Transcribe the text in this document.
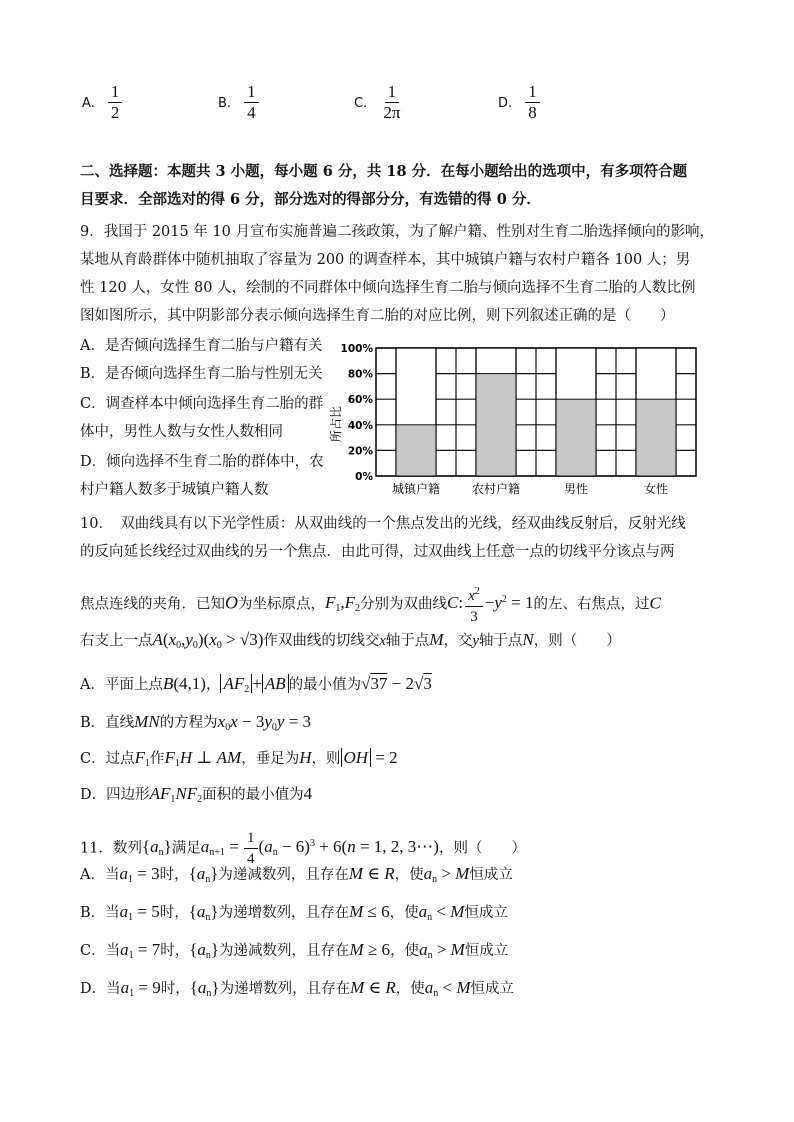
A. $\frac{1}{2}$	B. $\frac{1}{4}$	C. $\frac{1}{2\pi}$	D. $\frac{1}{8}$
二、选择题：本题共 3 小题，每小题 6 分，共 18 分．在每小题给出的选项中，有多项符合题
目要求．全部选对的得 6 分，部分选对的得部分分，有选错的得 0 分．
9．我国于 2015 年 10 月宣布实施普遍二孩政策，为了解户籍、性别对生育二胎选择倾向的影响，
某地从育龄群体中随机抽取了容量为 200 的调查样本，其中城镇户籍与农村户籍各 100 人；男
性 120 人，女性 80 人，绘制的不同群体中倾向选择生育二胎与倾向选择不生育二胎的人数比例
图如图所示，其中阴影部分表示倾向选择生育二胎的对应比例，则下列叙述正确的是（　　）
A．是否倾向选择生育二胎与户籍有关
B．是否倾向选择生育二胎与性别无关
C．调查样本中倾向选择生育二胎的群
体中，男性人数与女性人数相同
D．倾向选择不生育二胎的群体中，农
村户籍人数多于城镇户籍人数
所占比
0%
20%
40%
60%
80%
100%
城镇户籍	农村户籍	男性	女性
10．　双曲线具有以下光学性质：从双曲线的一个焦点发出的光线，经双曲线反射后，反射光线
的反向延长线经过双曲线的另一个焦点．由此可得，过双曲线上任意一点的切线平分该点与两
焦点连线的夹角．已知O为坐标原点，$F_1,F_2$分别为双曲线C: $\frac{x^2}{3} -y^2 = 1$的左、右焦点，过C
右支上一点$A(x_0,y_0)(x_0 > √3)$作双曲线的切线交x轴于点M，交y轴于点N，则（　　）
A．平面上点B(4,1)， $AF_2$ + AB 的最小值为√37 − 2√3
B．直线MN的方程为$x_0x - 3y_0y = 3$
C．过点$F_1$作$F_1H$ ⊥ AM，垂足为H，则 OH = 2
D．四边形$AF_1NF_2$面积的最小值为4
11．数列$\{a_n\}$满足$a_{n+1} = \frac{1}{4} (a_n - 6)^3 + 6(n = 1$, 2, 3⋯)，则（　　）
A．当$a_1 = 3$时，$\{a_n\}$为递减数列，且存在M ∈ R，使$a_n > M$恒成立
B．当$a_1 = 5$时，$\{a_n\}$为递增数列，且存在M ≤ 6，使$a_n < M$恒成立
C．当$a_1 = 7$时，$\{a_n\}$为递减数列，且存在M ≥ 6，使$a_n > M$恒成立
D．当$a_1 = 9$时，$\{a_n\}$为递增数列，且存在M ∈ R，使$a_n < M$恒成立
